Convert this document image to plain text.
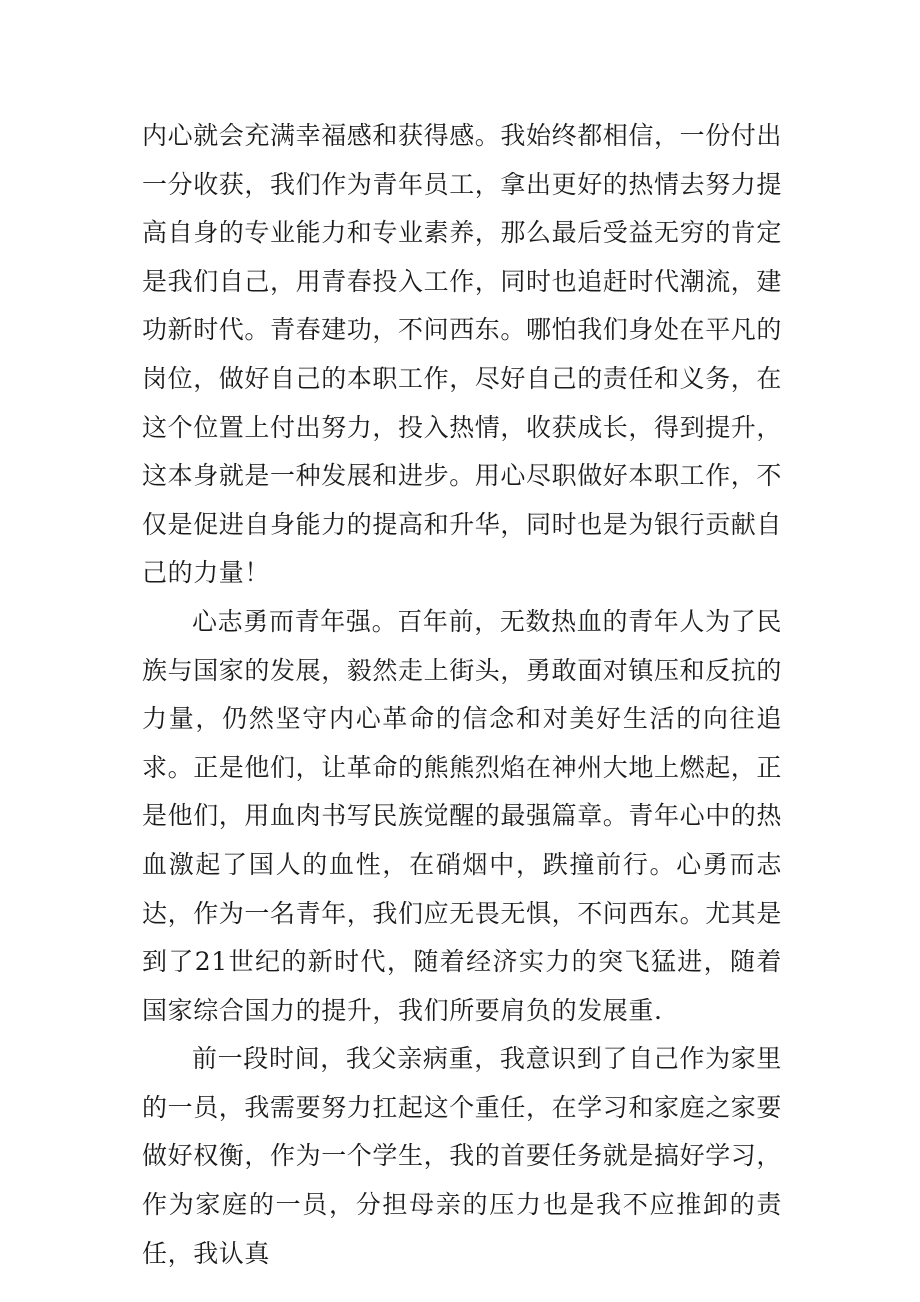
内心就会充满幸福感和获得感。我始终都相信，一份付出一分收获，我们作为青年员工，拿出更好的热情去努力提高自身的专业能力和专业素养，那么最后受益无穷的肯定是我们自己，用青春投入工作，同时也追赶时代潮流，建功新时代。青春建功，不问西东。哪怕我们身处在平凡的岗位，做好自己的本职工作，尽好自己的责任和义务，在这个位置上付出努力，投入热情，收获成长，得到提升，这本身就是一种发展和进步。用心尽职做好本职工作，不仅是促进自身能力的提高和升华，同时也是为银行贡献自己的力量！

心志勇而青年强。百年前，无数热血的青年人为了民族与国家的发展，毅然走上街头，勇敢面对镇压和反抗的力量，仍然坚守内心革命的信念和对美好生活的向往追求。正是他们，让革命的熊熊烈焰在神州大地上燃起，正是他们，用血肉书写民族觉醒的最强篇章。青年心中的热血激起了国人的血性，在硝烟中，跌撞前行。心勇而志达，作为一名青年，我们应无畏无惧，不问西东。尤其是到了21世纪的新时代，随着经济实力的突飞猛进，随着国家综合国力的提升，我们所要肩负的发展重.

前一段时间，我父亲病重，我意识到了自己作为家里的一员，我需要努力扛起这个重任，在学习和家庭之家要做好权衡，作为一个学生，我的首要任务就是搞好学习，作为家庭的一员，分担母亲的压力也是我不应推卸的责任，我认真
